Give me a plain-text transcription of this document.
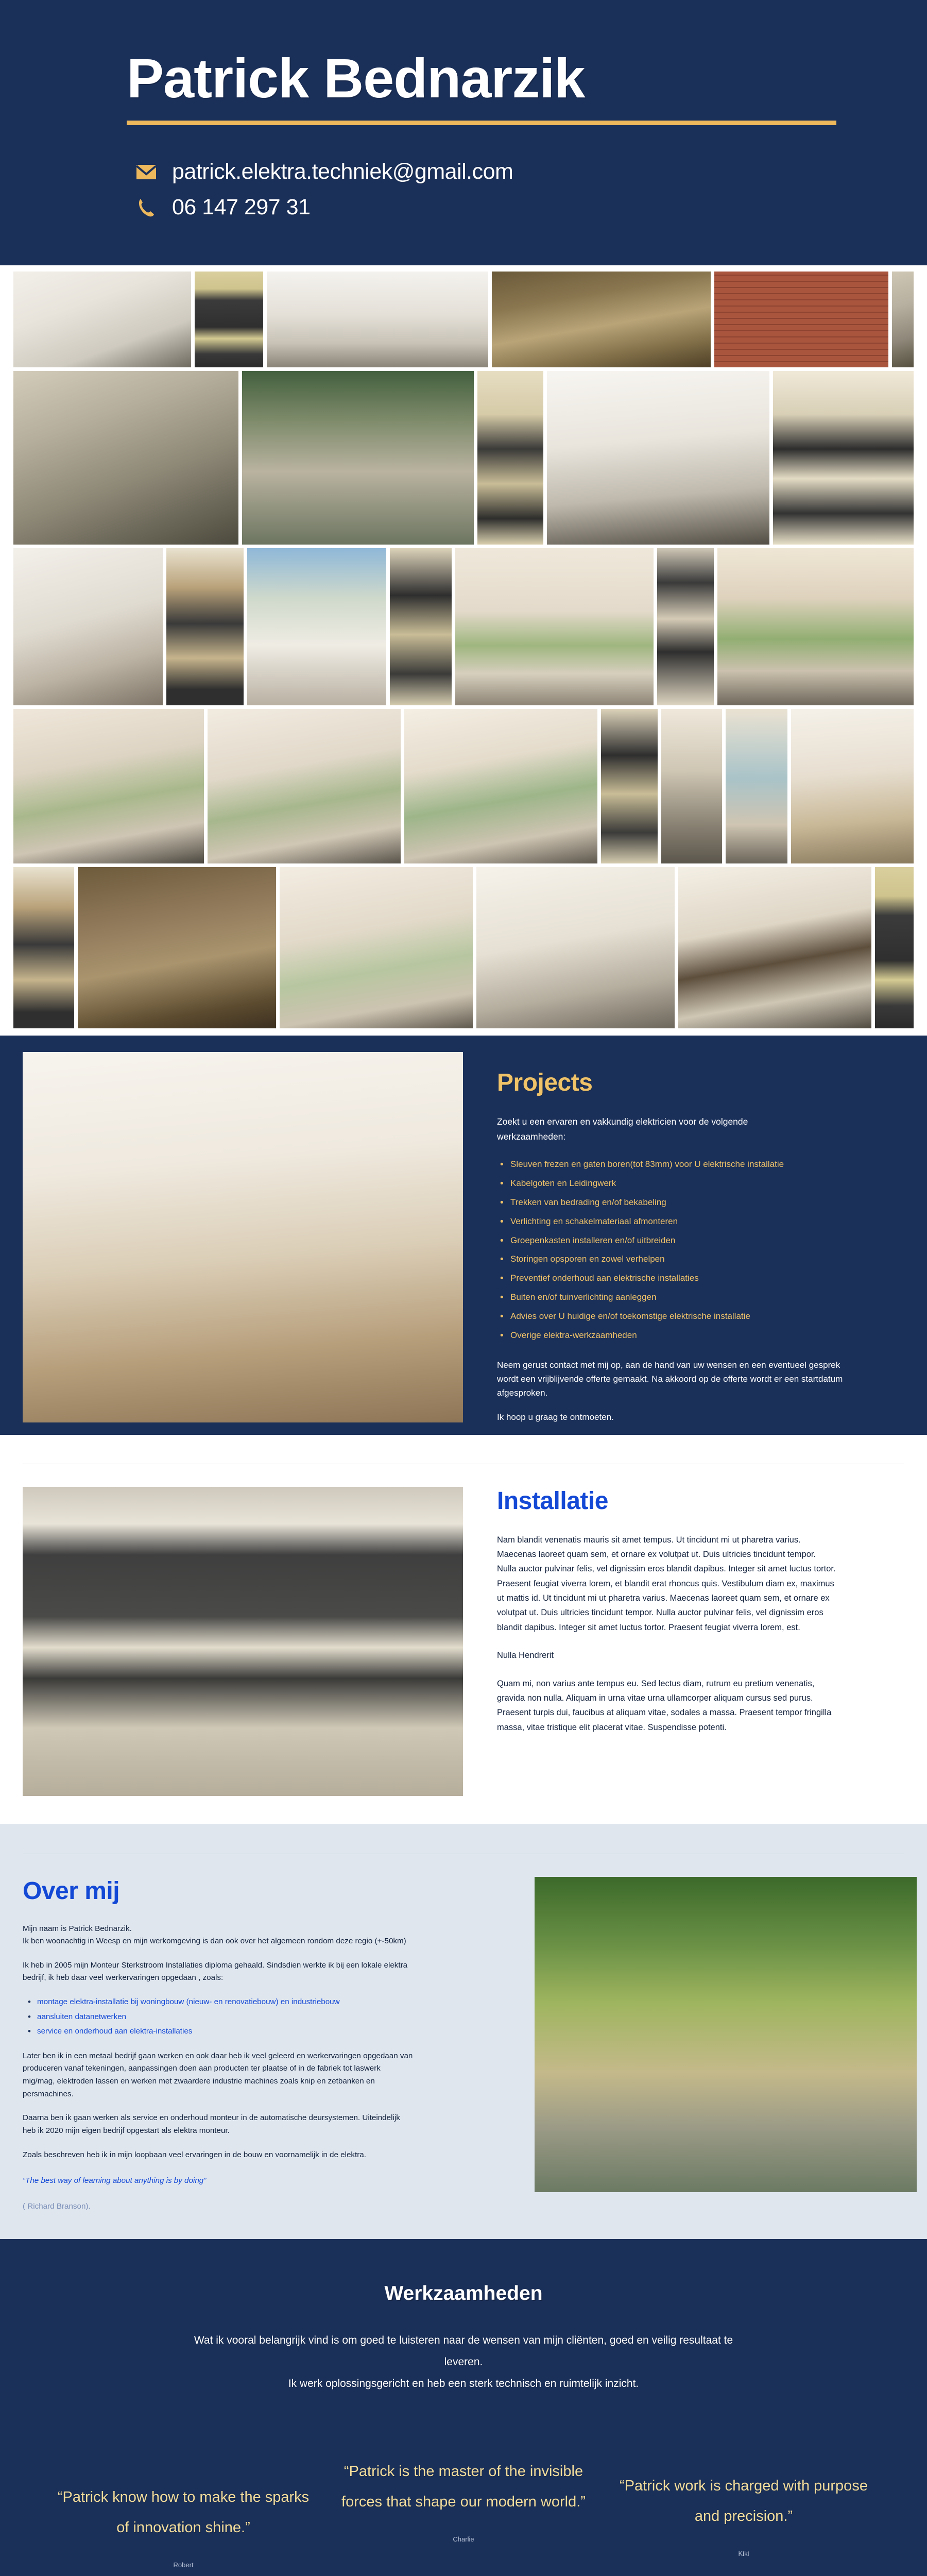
Patrick Bednarzik
patrick.elektra.techniek@gmail.com
06 147 297 31
Projects

Zoekt u een ervaren en vakkundig elektricien voor de volgende werkzaamheden:

• Sleuven frezen en gaten boren(tot 83mm) voor U elektrische installatie
• Kabelgoten en Leidingwerk
• Trekken van bedrading en/of bekabeling
• Verlichting en schakelmateriaal afmonteren
• Groepenkasten installeren en/of uitbreiden
• Storingen opsporen en zowel verhelpen
• Preventief onderhoud aan elektrische installaties
• Buiten en/of tuinverlichting aanleggen
• Advies over U huidige en/of toekomstige elektrische installatie
• Overige elektra-werkzaamheden

Neem gerust contact met mij op, aan de hand van uw wensen en een eventueel gesprek wordt een vrijblijvende offerte gemaakt. Na akkoord op de offerte wordt er een startdatum afgesproken.

Ik hoop u graag te ontmoeten.

Installatie

Nam blandit venenatis mauris sit amet tempus. Ut tincidunt mi ut pharetra varius. Maecenas laoreet quam sem, et ornare ex volutpat ut. Duis ultricies tincidunt tempor. Nulla auctor pulvinar felis, vel dignissim eros blandit dapibus. Integer sit amet luctus tortor. Praesent feugiat viverra lorem, et blandit erat rhoncus quis. Vestibulum diam ex, maximus ut mattis id. Ut tincidunt mi ut pharetra varius. Maecenas laoreet quam sem, et ornare ex volutpat ut. Duis ultricies tincidunt tempor. Nulla auctor pulvinar felis, vel dignissim eros blandit dapibus. Integer sit amet luctus tortor. Praesent feugiat viverra lorem, est.

Nulla Hendrerit

Quam mi, non varius ante tempus eu. Sed lectus diam, rutrum eu pretium venenatis, gravida non nulla. Aliquam in urna vitae urna ullamcorper aliquam cursus sed purus. Praesent turpis dui, faucibus at aliquam vitae, sodales a massa. Praesent tempor fringilla massa, vitae tristique elit placerat vitae. Suspendisse potenti.

Over mij

Mijn naam is Patrick Bednarzik.
Ik ben woonachtig in Weesp en mijn werkomgeving is dan ook over het algemeen rondom deze regio (+-50km)

Ik heb in 2005 mijn Monteur Sterkstroom Installaties diploma gehaald. Sindsdien werkte ik bij een lokale elektra bedrijf, ik heb daar veel werkervaringen opgedaan , zoals:

• montage elektra-installatie bij woningbouw (nieuw- en renovatiebouw) en industriebouw
• aansluiten datanetwerken
• service en onderhoud aan elektra-installaties

Later ben ik in een metaal bedrijf gaan werken en ook daar heb ik veel geleerd en werkervaringen opgedaan van produceren vanaf tekeningen, aanpassingen doen aan producten ter plaatse of in de fabriek tot laswerk mig/mag, elektroden lassen en werken met zwaardere industrie machines zoals knip en zetbanken en persmachines.

Daarna ben ik gaan werken als service en onderhoud monteur in de automatische deursystemen. Uiteindelijk heb ik 2020 mijn eigen bedrijf opgestart als elektra monteur.

Zoals beschreven heb ik in mijn loopbaan veel ervaringen in de bouw en voornamelijk in de elektra.

“The best way of learning about anything is by doing”

( Richard Branson).

Werkzaamheden

Wat ik vooral belangrijk vind is om goed te luisteren naar de wensen van mijn cliënten, goed en veilig resultaat te leveren.
Ik werk oplossingsgericht en heb een sterk technisch en ruimtelijk inzicht.

“Patrick know how to make the sparks of innovation shine.”

Robert

“Patrick is the master of the invisible forces that shape our modern world.”

Charlie

“Patrick work is charged with purpose and precision.”

Kiki
